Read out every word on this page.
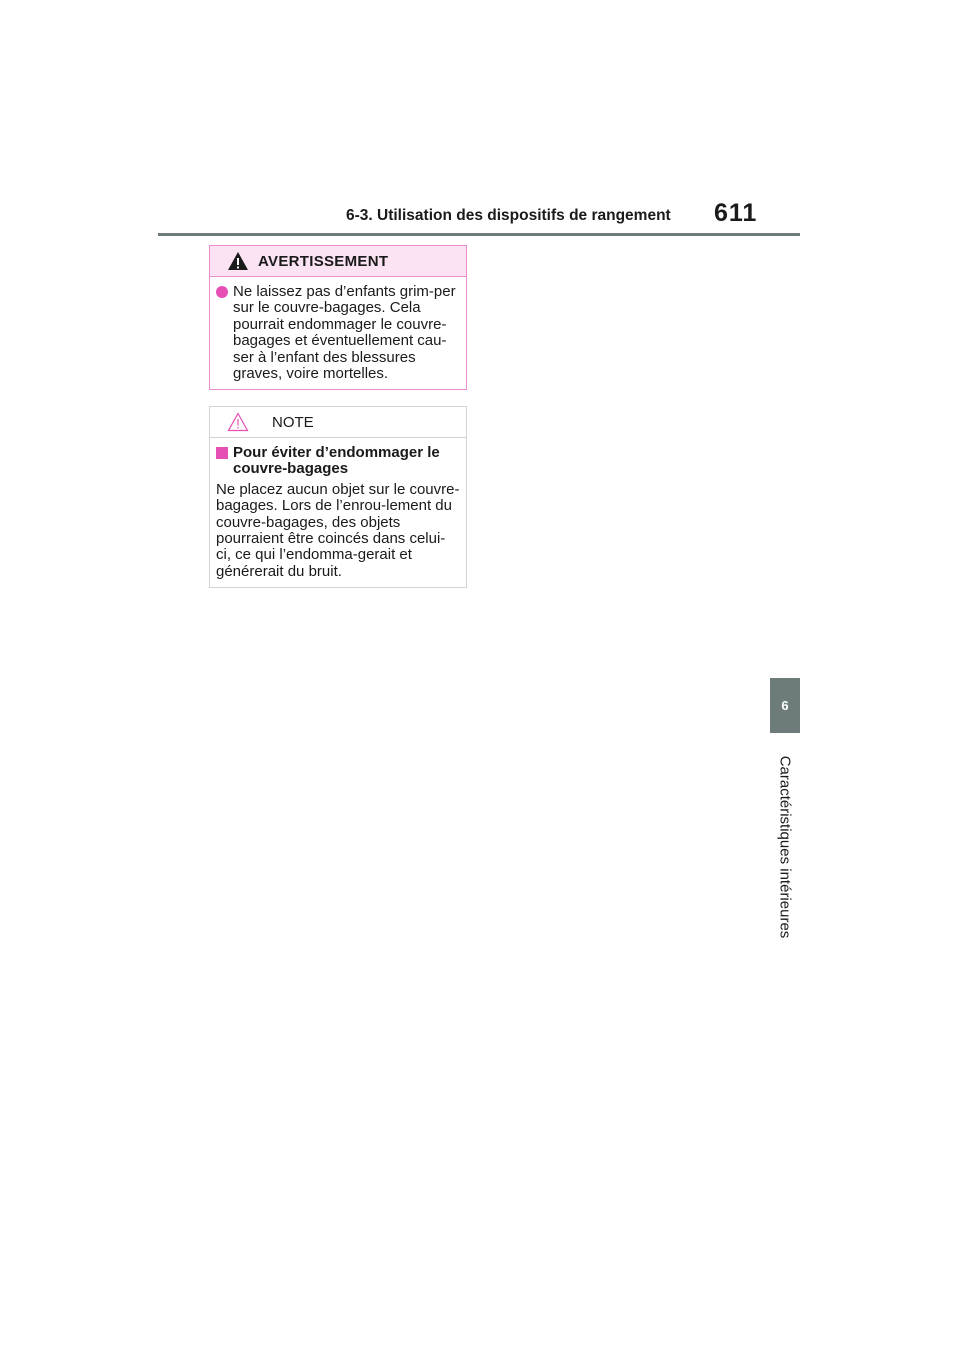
6-3. Utilisation des dispositifs de rangement 611
6
Caractéristiques intérieures
AVERTISSEMENT
Ne laissez pas d’enfants grim-per sur le couvre-bagages. Cela pourrait endommager le couvre-bagages et éventuellement cau-ser à l’enfant des blessures graves, voire mortelles.
NOTE
Pour éviter d’endommager le couvre-bagages
Ne placez aucun objet sur le couvre-bagages. Lors de l’enrou-lement du couvre-bagages, des objets pourraient être coincés dans celui-ci, ce qui l’endomma-gerait et générerait du bruit.
